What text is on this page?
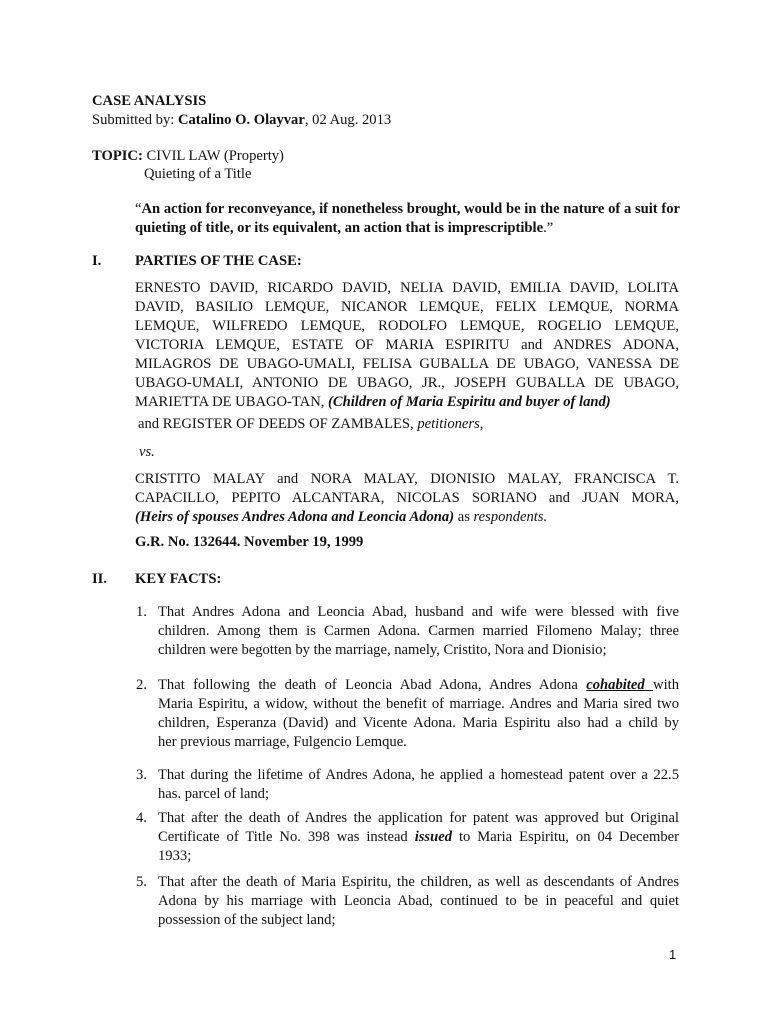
CASE ANALYSIS
Submitted by: Catalino O. Olayvar, 02 Aug. 2013
TOPIC: CIVIL LAW (Property)
Quieting of a Title
“An action for reconveyance, if nonetheless brought, would be in the nature of a suit for quieting of title, or its equivalent, an action that is imprescriptible.”
I. PARTIES OF THE CASE:
ERNESTO DAVID, RICARDO DAVID, NELIA DAVID, EMILIA DAVID, LOLITA
DAVID, BASILIO LEMQUE, NICANOR LEMQUE, FELIX LEMQUE, NORMA
LEMQUE, WILFREDO LEMQUE, RODOLFO LEMQUE, ROGELIO LEMQUE,
VICTORIA LEMQUE, ESTATE OF MARIA ESPIRITU and ANDRES ADONA,
MILAGROS DE UBAGO-UMALI, FELISA GUBALLA DE UBAGO, VANESSA DE
UBAGO-UMALI, ANTONIO DE UBAGO, JR., JOSEPH GUBALLA DE UBAGO,
MARIETTA DE UBAGO-TAN, (Children of Maria Espiritu and buyer of land)
and REGISTER OF DEEDS OF ZAMBALES, petitioners,
vs.
CRISTITO MALAY and NORA MALAY, DIONISIO MALAY, FRANCISCA T.
CAPACILLO, PEPITO ALCANTARA, NICOLAS SORIANO and JUAN MORA,
(Heirs of spouses Andres Adona and Leoncia Adona) as respondents.
G.R. No. 132644. November 19, 1999
II. KEY FACTS:
1. That Andres Adona and Leoncia Abad, husband and wife were blessed with five
children. Among them is Carmen Adona. Carmen married Filomeno Malay; three
children were begotten by the marriage, namely, Cristito, Nora and Dionisio;
2. That following the death of Leoncia Abad Adona, Andres Adona cohabited with
Maria Espiritu, a widow, without the benefit of marriage. Andres and Maria sired two
children, Esperanza (David) and Vicente Adona. Maria Espiritu also had a child by
her previous marriage, Fulgencio Lemque.
3. That during the lifetime of Andres Adona, he applied a homestead patent over a 22.5
has. parcel of land;
4. That after the death of Andres the application for patent was approved but Original
Certificate of Title No. 398 was instead issued to Maria Espiritu, on 04 December
1933;
5. That after the death of Maria Espiritu, the children, as well as descendants of Andres
Adona by his marriage with Leoncia Abad, continued to be in peaceful and quiet
possession of the subject land;
1
